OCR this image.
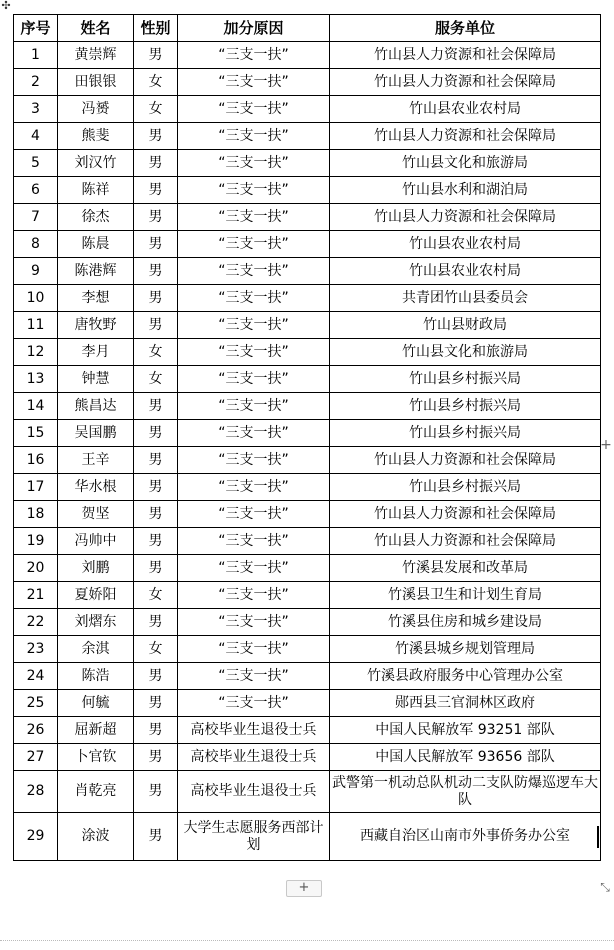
✣
序号	姓名	性别	加分原因	服务单位
1	黄崇辉	男	“三支一扶”	竹山县人力资源和社会保障局
2	田银银	女	“三支一扶”	竹山县人力资源和社会保障局
3	冯赟	女	“三支一扶”	竹山县农业农村局
4	熊斐	男	“三支一扶”	竹山县人力资源和社会保障局
5	刘汉竹	男	“三支一扶”	竹山县文化和旅游局
6	陈祥	男	“三支一扶”	竹山县水利和湖泊局
7	徐杰	男	“三支一扶”	竹山县人力资源和社会保障局
8	陈晨	男	“三支一扶”	竹山县农业农村局
9	陈港辉	男	“三支一扶”	竹山县农业农村局
10	李想	男	“三支一扶”	共青团竹山县委员会
11	唐牧野	男	“三支一扶”	竹山县财政局
12	李月	女	“三支一扶”	竹山县文化和旅游局
13	钟慧	女	“三支一扶”	竹山县乡村振兴局
14	熊昌达	男	“三支一扶”	竹山县乡村振兴局
15	吴国鹏	男	“三支一扶”	竹山县乡村振兴局
16	王辛	男	“三支一扶”	竹山县人力资源和社会保障局
17	华水根	男	“三支一扶”	竹山县乡村振兴局
18	贺坚	男	“三支一扶”	竹山县人力资源和社会保障局
19	冯帅中	男	“三支一扶”	竹山县人力资源和社会保障局
20	刘鹏	男	“三支一扶”	竹溪县发展和改革局
21	夏娇阳	女	“三支一扶”	竹溪县卫生和计划生育局
22	刘熠东	男	“三支一扶”	竹溪县住房和城乡建设局
23	余淇	女	“三支一扶”	竹溪县城乡规划管理局
24	陈浩	男	“三支一扶”	竹溪县政府服务中心管理办公室
25	何毓	男	“三支一扶”	郧西县三官洞林区政府
26	屈新超	男	高校毕业生退役士兵	中国人民解放军 93251 部队
27	卜官钦	男	高校毕业生退役士兵	中国人民解放军 93656 部队
28	肖乾亮	男	高校毕业生退役士兵	武警第一机动总队机动二支队防爆巡逻车大队
29	涂波	男	大学生志愿服务西部计划	西藏自治区山南市外事侨务办公室
+
+	⤡
